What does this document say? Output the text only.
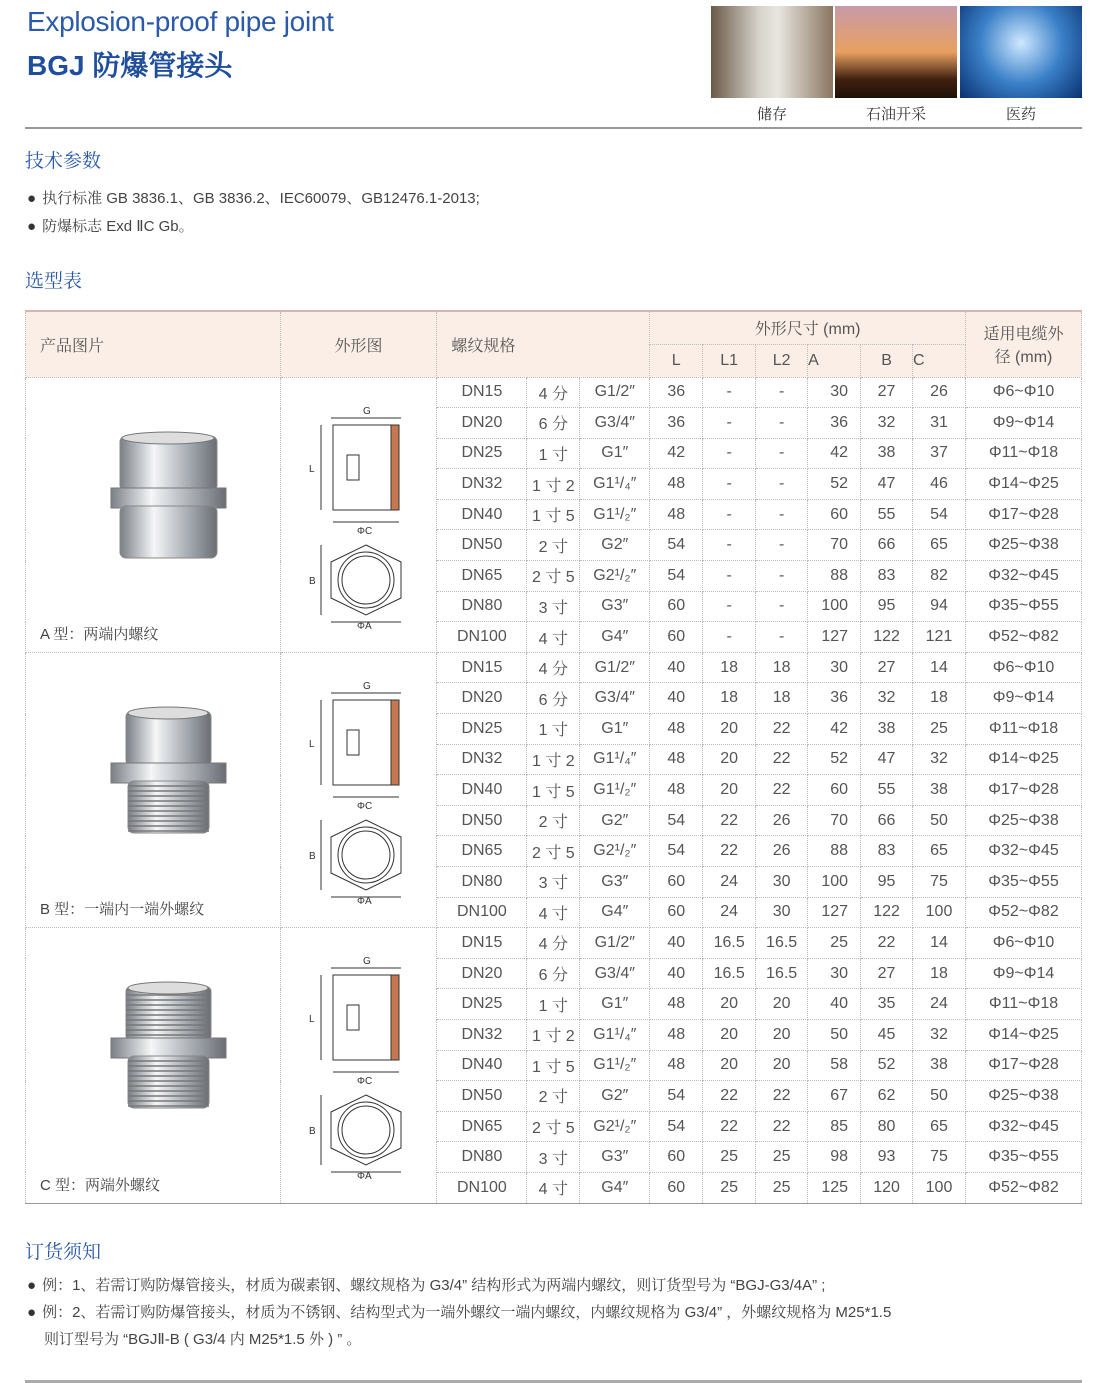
Explosion-proof pipe joint
BGJ 防爆管接头
储存	石油开采	医药
技术参数
● 执行标准 GB 3836.1、GB 3836.2、IEC60079、GB12476.1-2013;
● 防爆标志 Exd ⅡC Gb。
选型表
产品图片	外形图	螺纹规格			外形尺寸 (mm)						适用电缆外径 (mm)
					L	L1	L2	A	B	C	

A 型：两端内螺纹	G
L
ΦC
B
ΦA	DN15	4 分	G1/2″	36	-	-	30	27	26	Φ6~Φ10
		DN20	6 分	G3/4″	36	-	-	36	32	31	Φ9~Φ14
		DN25	1 寸	G1″	42	-	-	42	38	37	Φ11~Φ18
		DN32	1 寸 2	G1¹/₄″	48	-	-	52	47	46	Φ14~Φ25
		DN40	1 寸 5	G1¹/₂″	48	-	-	60	55	54	Φ17~Φ28
		DN50	2 寸	G2″	54	-	-	70	66	65	Φ25~Φ38
		DN65	2 寸 5	G2¹/₂″	54	-	-	88	83	82	Φ32~Φ45
		DN80	3 寸	G3″	60	-	-	100	95	94	Φ35~Φ55
		DN100	4 寸	G4″	60	-	-	127	122	121	Φ52~Φ82

B 型：一端内一端外螺纹	G
L
ΦC
B
ΦA	DN15	4 分	G1/2″	40	18	18	30	27	14	Φ6~Φ10
		DN20	6 分	G3/4″	40	18	18	36	32	18	Φ9~Φ14
		DN25	1 寸	G1″	48	20	22	42	38	25	Φ11~Φ18
		DN32	1 寸 2	G1¹/₄″	48	20	22	52	47	32	Φ14~Φ25
		DN40	1 寸 5	G1¹/₂″	48	20	22	60	55	38	Φ17~Φ28
		DN50	2 寸	G2″	54	22	26	70	66	50	Φ25~Φ38
		DN65	2 寸 5	G2¹/₂″	54	22	26	88	83	65	Φ32~Φ45
		DN80	3 寸	G3″	60	24	30	100	95	75	Φ35~Φ55
		DN100	4 寸	G4″	60	24	30	127	122	100	Φ52~Φ82

C 型：两端外螺纹	G
L
ΦC
B
ΦA	DN15	4 分	G1/2″	40	16.5	16.5	25	22	14	Φ6~Φ10
		DN20	6 分	G3/4″	40	16.5	16.5	30	27	18	Φ9~Φ14
		DN25	1 寸	G1″	48	20	20	40	35	24	Φ11~Φ18
		DN32	1 寸 2	G1¹/₄″	48	20	20	50	45	32	Φ14~Φ25
		DN40	1 寸 5	G1¹/₂″	48	20	20	58	52	38	Φ17~Φ28
		DN50	2 寸	G2″	54	22	22	67	62	50	Φ25~Φ38
		DN65	2 寸 5	G2¹/₂″	54	22	22	85	80	65	Φ32~Φ45
		DN80	3 寸	G3″	60	25	25	98	93	75	Φ35~Φ55
		DN100	4 寸	G4″	60	25	25	125	120	100	Φ52~Φ82
订货须知
● 例：1、若需订购防爆管接头，材质为碳素钢、螺纹规格为 G3/4” 结构形式为两端内螺纹，则订货型号为 “BGJ-G3/4A” ;
● 例：2、若需订购防爆管接头，材质为不锈钢、结构型式为一端外螺纹一端内螺纹，内螺纹规格为 G3/4” ，外螺纹规格为 M25*1.5
则订型号为 “BGJⅡ-B ( G3/4 内 M25*1.5 外 ) ” 。
